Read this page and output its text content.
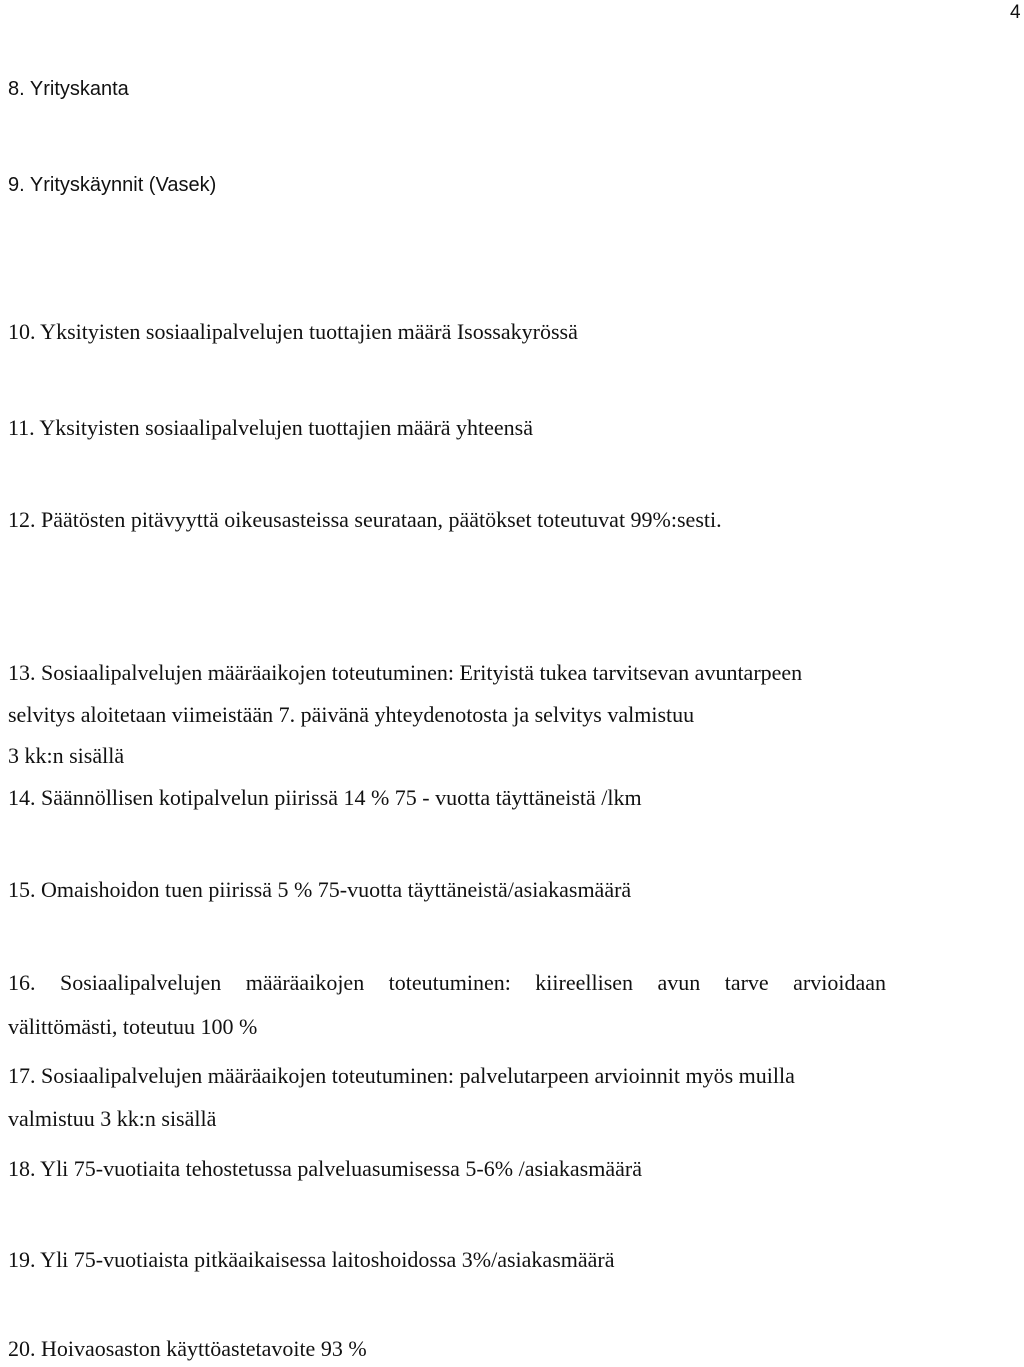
4
8. Yrityskanta
9. Yrityskäynnit (Vasek)
10. Yksityisten sosiaalipalvelujen tuottajien määrä Isossakyrössä
11. Yksityisten sosiaalipalvelujen tuottajien määrä yhteensä
12. Päätösten pitävyyttä oikeusasteissa seurataan, päätökset toteutuvat 99%:sesti.
13. Sosiaalipalvelujen määräaikojen toteutuminen: Erityistä tukea tarvitsevan avuntarpeen
selvitys aloitetaan viimeistään 7. päivänä yhteydenotosta ja selvitys valmistuu
3 kk:n sisällä
14. Säännöllisen kotipalvelun piirissä 14 % 75 - vuotta täyttäneistä /lkm
15. Omaishoidon tuen piirissä 5 % 75-vuotta täyttäneistä/asiakasmäärä
16. Sosiaalipalvelujen määräaikojen toteutuminen: kiireellisen avun tarve arvioidaan
välittömästi, toteutuu 100 %
17. Sosiaalipalvelujen määräaikojen toteutuminen: palvelutarpeen arvioinnit myös muilla
valmistuu 3 kk:n sisällä
18. Yli 75-vuotiaita tehostetussa palveluasumisessa 5-6% /asiakasmäärä
19. Yli 75-vuotiaista pitkäaikaisessa laitoshoidossa 3%/asiakasmäärä
20. Hoivaosaston käyttöastetavoite 93 %
